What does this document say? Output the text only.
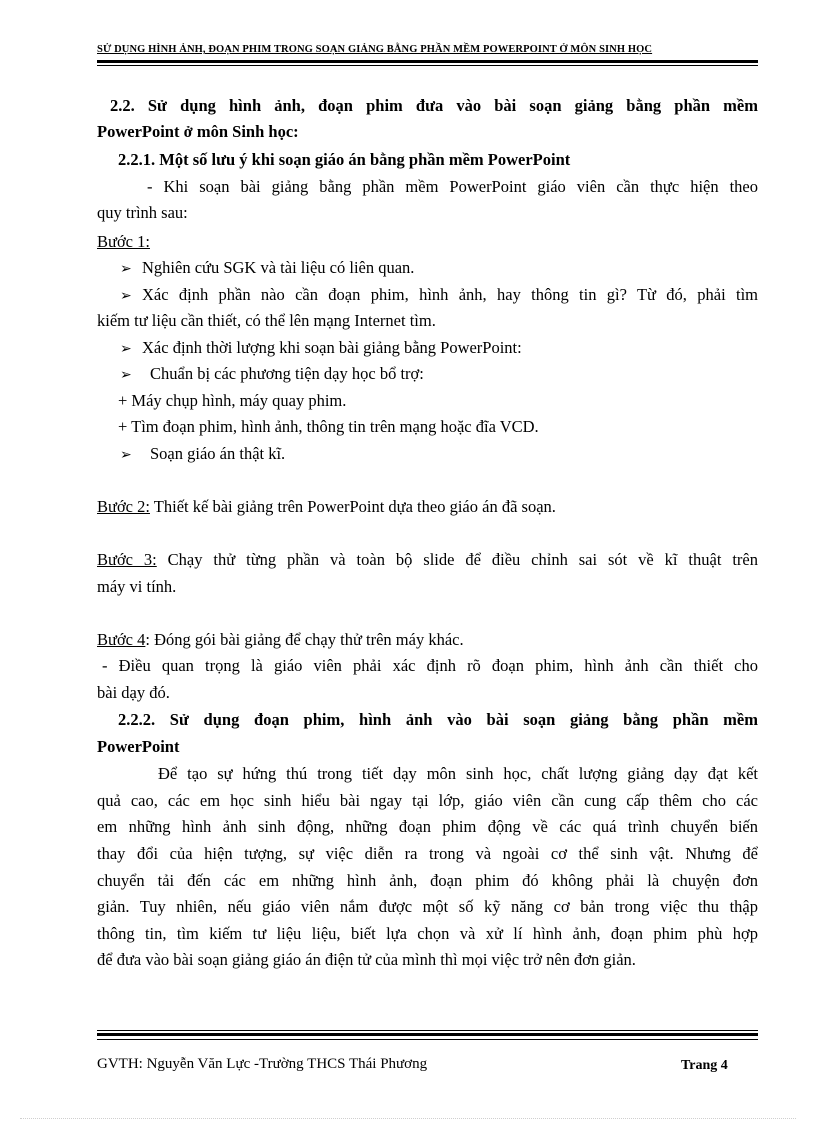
SỬ DỤNG HÌNH ẢNH, ĐOẠN PHIM TRONG SOẠN GIẢNG BẰNG PHẦN MỀM POWERPOINT Ở MÔN SINH HỌC
2.2. Sử dụng hình ảnh, đoạn phim đưa vào bài soạn giảng bằng phần mềm
PowerPoint ở môn Sinh học:
2.2.1. Một số lưu ý khi soạn giáo án bằng phần mềm PowerPoint
- Khi soạn bài giảng bằng phần mềm PowerPoint giáo viên cần thực hiện theo
quy trình sau:
Bước 1:
➢ Nghiên cứu SGK và tài liệu có liên quan.
➢ Xác định phần nào cần đoạn phim, hình ảnh, hay thông tin gì? Từ đó, phải tìm
kiếm tư liệu cần thiết, có thể lên mạng Internet tìm.
➢ Xác định thời lượng khi soạn bài giảng bằng PowerPoint:
➢ Chuẩn bị các phương tiện dạy học bổ trợ:
+ Máy chụp hình, máy quay phim.
+ Tìm đoạn phim, hình ảnh, thông tin trên mạng hoặc đĩa VCD.
➢ Soạn giáo án thật kĩ.
Bước 2: Thiết kế bài giảng trên PowerPoint dựa theo giáo án đã soạn.
Bước 3: Chạy thử từng phần và toàn bộ slide để điều chỉnh sai sót về kĩ thuật trên
máy vi tính.
Bước 4: Đóng gói bài giảng để chạy thử trên máy khác.
- Điều quan trọng là giáo viên phải xác định rõ đoạn phim, hình ảnh cần thiết cho
bài dạy đó.
2.2.2. Sử dụng đoạn phim, hình ảnh vào bài soạn giảng bằng phần mềm
PowerPoint
Để tạo sự hứng thú trong tiết dạy môn sinh học, chất lượng giảng dạy đạt kết
quả cao, các em học sinh hiểu bài ngay tại lớp, giáo viên cần cung cấp thêm cho các
em những hình ảnh sinh động, những đoạn phim động về các quá trình chuyển biến
thay đổi của hiện tượng, sự việc diễn ra trong và ngoài cơ thể sinh vật. Nhưng để
chuyển tải đến các em những hình ảnh, đoạn phim đó không phải là chuyện đơn
giản. Tuy nhiên, nếu giáo viên nắm được một số kỹ năng cơ bản trong việc thu thập
thông tin, tìm kiếm tư liệu liệu, biết lựa chọn và xử lí hình ảnh, đoạn phim phù hợp
để đưa vào bài soạn giảng giáo án điện tử của mình thì mọi việc trở nên đơn giản.
GVTH: Nguyễn Văn Lực -Trường THCS Thái Phương	Trang 4
